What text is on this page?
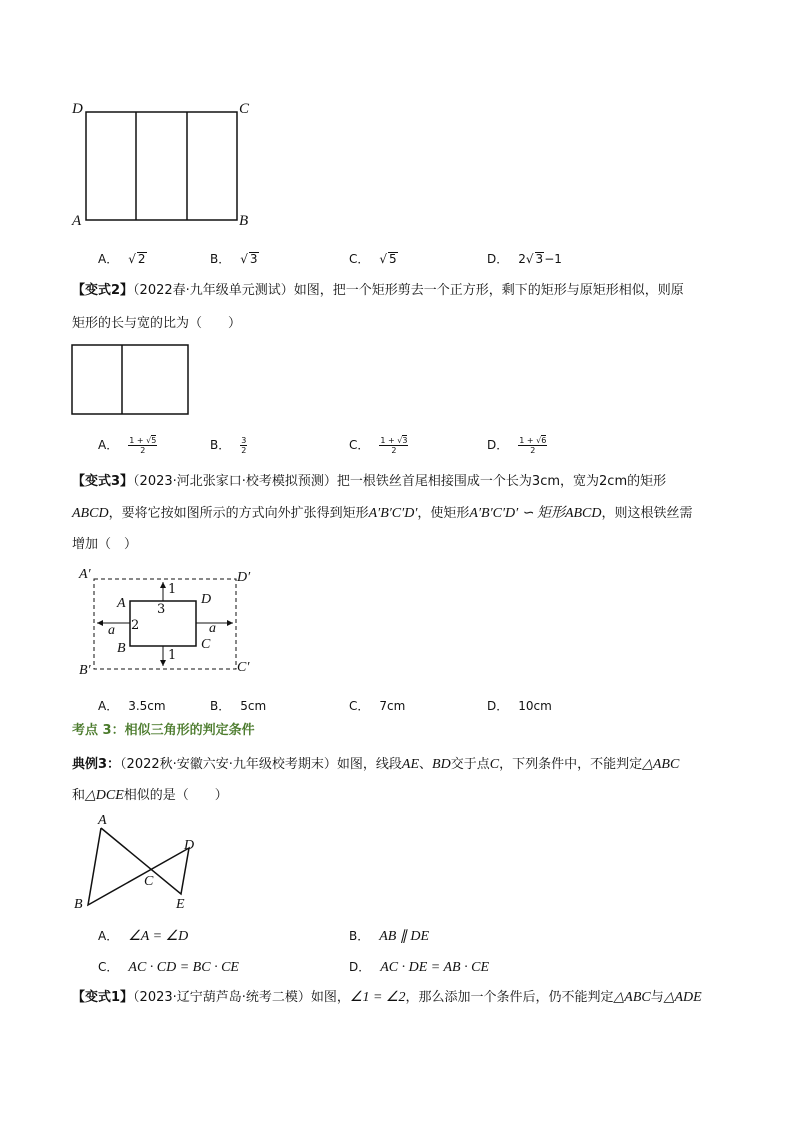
D	C
A	B
A． √ 2	B． √ 3	C． √ 5	D． 2√ 3−1
【变式2】（2022春·九年级单元测试）如图，把一个矩形剪去一个正方形，剩下的矩形与原矩形相似，则原
矩形的长与宽的比为（　　）
A． $\frac{1 + √5}{2}$	B． $\frac{3}{2}$	C． $\frac{1 + √3}{2}$	D． $\frac{1 + √6}{2}$
【变式3】（2023·河北张家口·校考模拟预测）把一根铁丝首尾相接围成一个长为3cm，宽为2cm的矩形
ABCD，要将它按如图所示的方式向外扩张得到矩形A′B′C′D′，使矩形A′B′C′D′ ∽ 矩形ABCD，则这根铁丝需
增加（　）
A′	D′
B′	C′
A	D
B	C
1
1
3
2
a	a
A． 3.5cm	B． 5cm	C． 7cm	D． 10cm
考点 3：相似三角形的判定条件
典例3：（2022秋·安徽六安·九年级校考期末）如图，线段AE、BD交于点C，下列条件中，不能判定△ABC
和△DCE相似的是（　　）
A
B
C
D
E
A． ∠A = ∠D	B． AB ∥ DE
C． AC · CD = BC · CE	D． AC · DE = AB · CE
【变式1】（2023·辽宁葫芦岛·统考二模）如图，∠1 = ∠2，那么添加一个条件后，仍不能判定△ABC与△ADE
